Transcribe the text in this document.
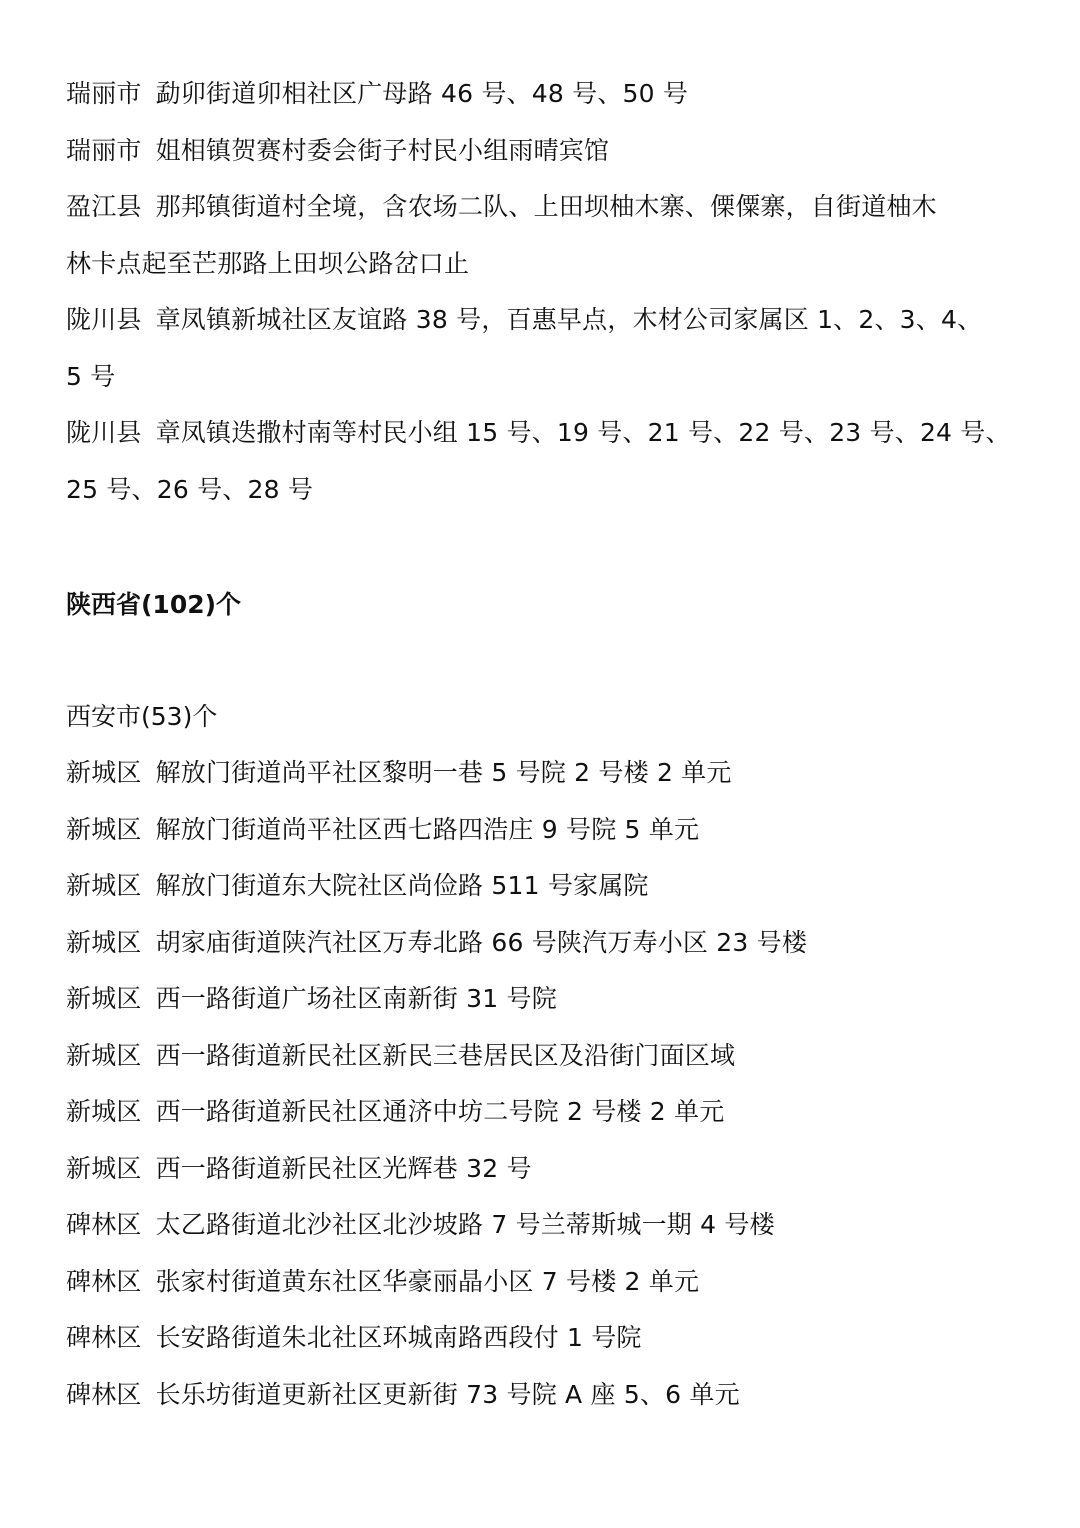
瑞丽市 勐卯街道卯相社区广母路 46 号、48 号、50 号
瑞丽市 姐相镇贺赛村委会街子村民小组雨晴宾馆
盈江县 那邦镇街道村全境，含农场二队、上田坝柚木寨、傈僳寨，自街道柚木
林卡点起至芒那路上田坝公路岔口止
陇川县 章凤镇新城社区友谊路 38 号，百惠早点，木材公司家属区 1、2、3、4、
5 号
陇川县 章凤镇迭撒村南等村民小组 15 号、19 号、21 号、22 号、23 号、24 号、
25 号、26 号、28 号
陕西省(102)个
西安市(53)个
新城区 解放门街道尚平社区黎明一巷 5 号院 2 号楼 2 单元
新城区 解放门街道尚平社区西七路四浩庄 9 号院 5 单元
新城区 解放门街道东大院社区尚俭路 511 号家属院
新城区 胡家庙街道陕汽社区万寿北路 66 号陕汽万寿小区 23 号楼
新城区 西一路街道广场社区南新街 31 号院
新城区 西一路街道新民社区新民三巷居民区及沿街门面区域
新城区 西一路街道新民社区通济中坊二号院 2 号楼 2 单元
新城区 西一路街道新民社区光辉巷 32 号
碑林区 太乙路街道北沙社区北沙坡路 7 号兰蒂斯城一期 4 号楼
碑林区 张家村街道黄东社区华豪丽晶小区 7 号楼 2 单元
碑林区 长安路街道朱北社区环城南路西段付 1 号院
碑林区 长乐坊街道更新社区更新街 73 号院 A 座 5、6 单元
